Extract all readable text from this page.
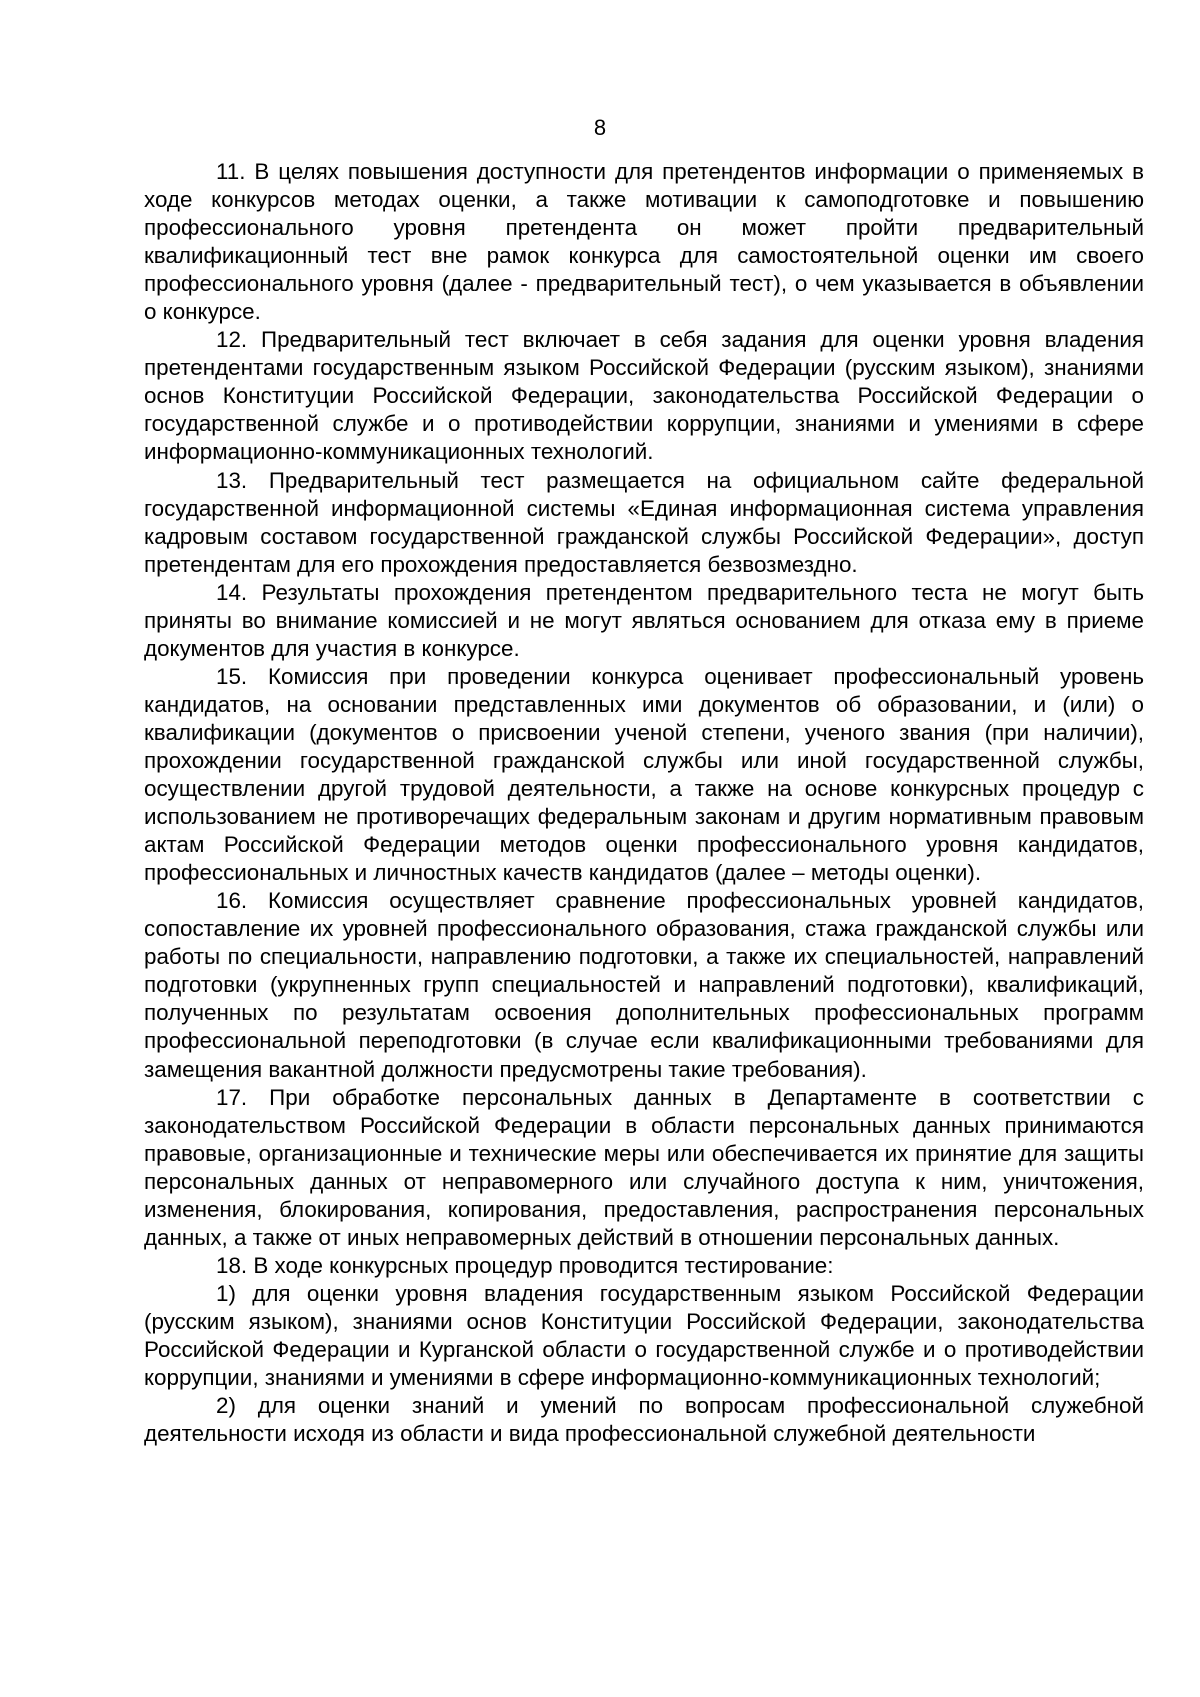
8

11. В целях повышения доступности для претендентов информации о применяемых в ходе конкурсов методах оценки, а также мотивации к самоподготовке и повышению профессионального уровня претендента он может пройти предварительный квалификационный тест вне рамок конкурса для самостоятельной оценки им своего профессионального уровня (далее - предварительный тест), о чем указывается в объявлении о конкурсе.

12. Предварительный тест включает в себя задания для оценки уровня владения претендентами государственным языком Российской Федерации (русским языком), знаниями основ Конституции Российской Федерации, законодательства Российской Федерации о государственной службе и о противодействии коррупции, знаниями и умениями в сфере информационно-коммуникационных технологий.

13. Предварительный тест размещается на официальном сайте федеральной государственной информационной системы «Единая информационная система управления кадровым составом государственной гражданской службы Российской Федерации», доступ претендентам для его прохождения предоставляется безвозмездно.

14. Результаты прохождения претендентом предварительного теста не могут быть приняты во внимание комиссией и не могут являться основанием для отказа ему в приеме документов для участия в конкурсе.

15. Комиссия при проведении конкурса оценивает профессиональный уровень кандидатов, на основании представленных ими документов об образовании, и (или) о квалификации (документов о присвоении ученой степени, ученого звания (при наличии), прохождении государственной гражданской службы или иной государственной службы, осуществлении другой трудовой деятельности, а также на основе конкурсных процедур с использованием не противоречащих федеральным законам и другим нормативным правовым актам Российской Федерации методов оценки профессионального уровня кандидатов, профессиональных и личностных качеств кандидатов (далее – методы оценки).

16. Комиссия осуществляет сравнение профессиональных уровней кандидатов, сопоставление их уровней профессионального образования, стажа гражданской службы или работы по специальности, направлению подготовки, а также их специальностей, направлений подготовки (укрупненных групп специальностей и направлений подготовки), квалификаций, полученных по результатам освоения дополнительных профессиональных программ профессиональной переподготовки (в случае если квалификационными требованиями для замещения вакантной должности предусмотрены такие требования).

17. При обработке персональных данных в Департаменте в соответствии с законодательством Российской Федерации в области персональных данных принимаются правовые, организационные и технические меры или обеспечивается их принятие для защиты персональных данных от неправомерного или случайного доступа к ним, уничтожения, изменения, блокирования, копирования, предоставления, распространения персональных данных, а также от иных неправомерных действий в отношении персональных данных.

18. В ходе конкурсных процедур проводится тестирование:

1) для оценки уровня владения государственным языком Российской Федерации (русским языком), знаниями основ Конституции Российской Федерации, законодательства Российской Федерации и Курганской области о государственной службе и о противодействии коррупции, знаниями и умениями в сфере информационно-коммуникационных технологий;

2) для оценки знаний и умений по вопросам профессиональной служебной деятельности исходя из области и вида профессиональной служебной деятельности
